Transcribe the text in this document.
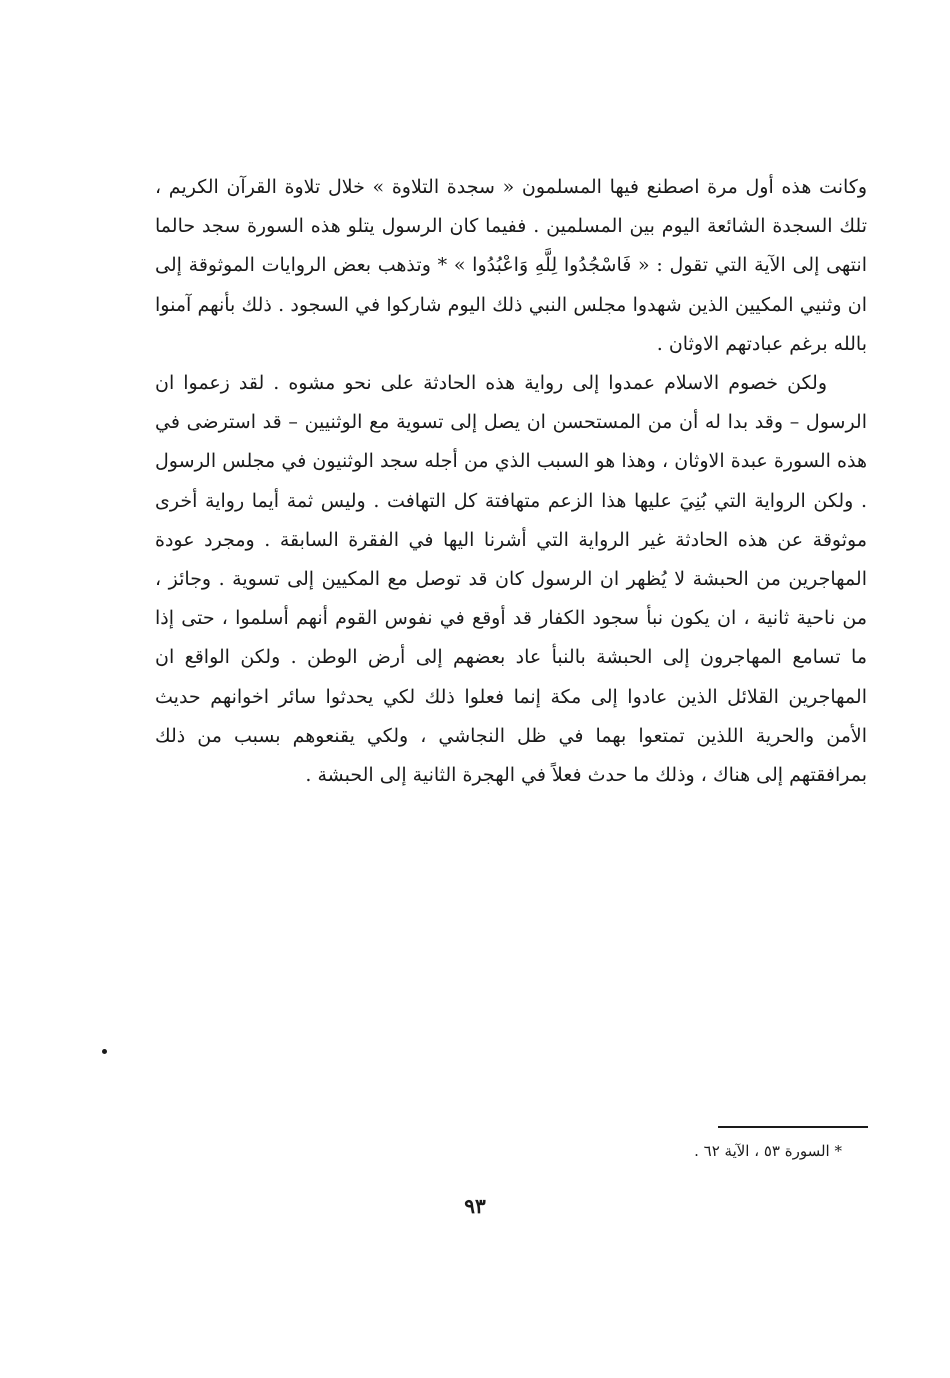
وكانت هذه أول مرة اصطنع فيها المسلمون « سجدة التلاوة » خلال تلاوة القرآن الكريم ، تلك السجدة الشائعة اليوم بين المسلمين . ففيما كان الرسول يتلو هذه السورة سجد حالما انتهى إلى الآية التي تقول : « فَاسْجُدُوا لِلَّهِ وَاعْبُدُوا » * وتذهب بعض الروايات الموثوقة إلى ان وثنيي المكيين الذين شهدوا مجلس النبي ذلك اليوم شاركوا في السجود . ذلك بأنهم آمنوا بالله برغم عبادتهم الاوثان .

ولكن خصوم الاسلام عمدوا إلى رواية هذه الحادثة على نحو مشوه . لقد زعموا ان الرسول – وقد بدا له أن من المستحسن ان يصل إلى تسوية مع الوثنيين – قد استرضى في هذه السورة عبدة الاوثان ، وهذا هو السبب الذي من أجله سجد الوثنيون في مجلس الرسول . ولكن الرواية التي بُنِيَ عليها هذا الزعم متهافتة كل التهافت . وليس ثمة أيما رواية أخرى موثوقة عن هذه الحادثة غير الرواية التي أشرنا اليها في الفقرة السابقة . ومجرد عودة المهاجرين من الحبشة لا يُظهر ان الرسول كان قد توصل مع المكيين إلى تسوية . وجائز ، من ناحية ثانية ، ان يكون نبأ سجود الكفار قد أوقع في نفوس القوم أنهم أسلموا ، حتى إذا ما تسامع المهاجرون إلى الحبشة بالنبأ عاد بعضهم إلى أرض الوطن . ولكن الواقع ان المهاجرين القلائل الذين عادوا إلى مكة إنما فعلوا ذلك لكي يحدثوا سائر اخوانهم حديث الأمن والحرية اللذين تمتعوا بهما في ظل النجاشي ، ولكي يقنعوهم بسبب من ذلك بمرافقتهم إلى هناك ، وذلك ما حدث فعلاً في الهجرة الثانية إلى الحبشة .

* السورة ٥٣ ، الآية ٦٢ .
٩٣
